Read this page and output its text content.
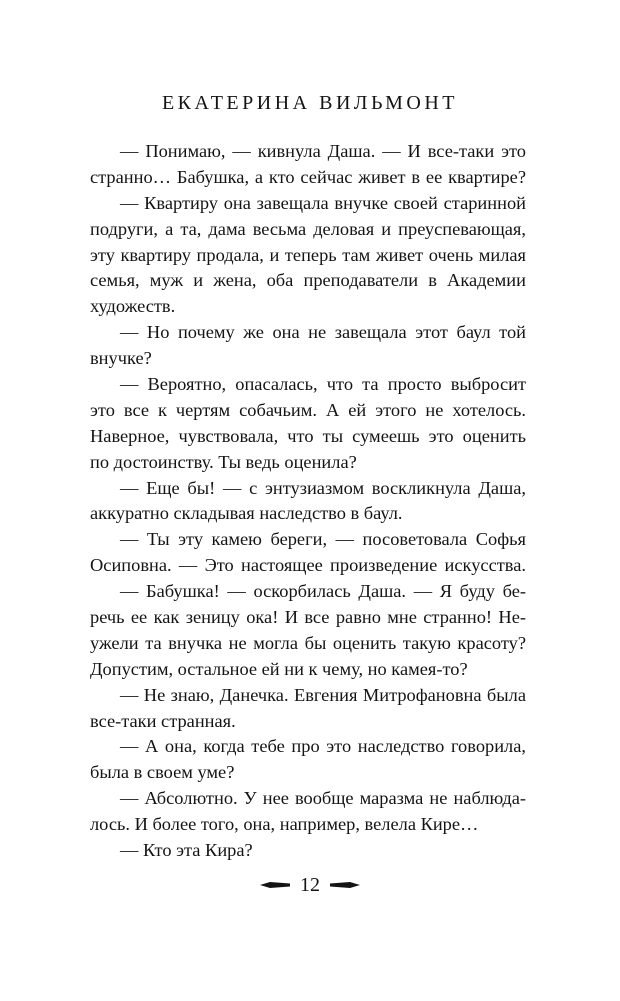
ЕКАТЕРИНА ВИЛЬМОНТ
— Понимаю, — кивнула Даша. — И все-таки это
странно… Бабушка, а кто сейчас живет в ее квартире?
— Квартиру она завещала внучке своей старинной
подруги, а та, дама весьма деловая и преуспевающая,
эту квартиру продала, и теперь там живет очень милая
семья, муж и жена, оба преподаватели в Академии
художеств.
— Но почему же она не завещала этот баул той
внучке?
— Вероятно, опасалась, что та просто выбросит
это все к чертям собачьим. А ей этого не хотелось.
Наверное, чувствовала, что ты сумеешь это оценить
по достоинству. Ты ведь оценила?
— Еще бы! — с энтузиазмом воскликнула Даша,
аккуратно складывая наследство в баул.
— Ты эту камею береги, — посоветовала Софья
Осиповна. — Это настоящее произведение искусства.
— Бабушка! — оскорбилась Даша. — Я буду бе-
речь ее как зеницу ока! И все равно мне странно! Не-
ужели та внучка не могла бы оценить такую красоту?
Допустим, остальное ей ни к чему, но камея-то?
— Не знаю, Данечка. Евгения Митрофановна была
все-таки странная.
— А она, когда тебе про это наследство говорила,
была в своем уме?
— Абсолютно. У нее вообще маразма не наблюда-
лось. И более того, она, например, велела Кире…
— Кто эта Кира?
12
